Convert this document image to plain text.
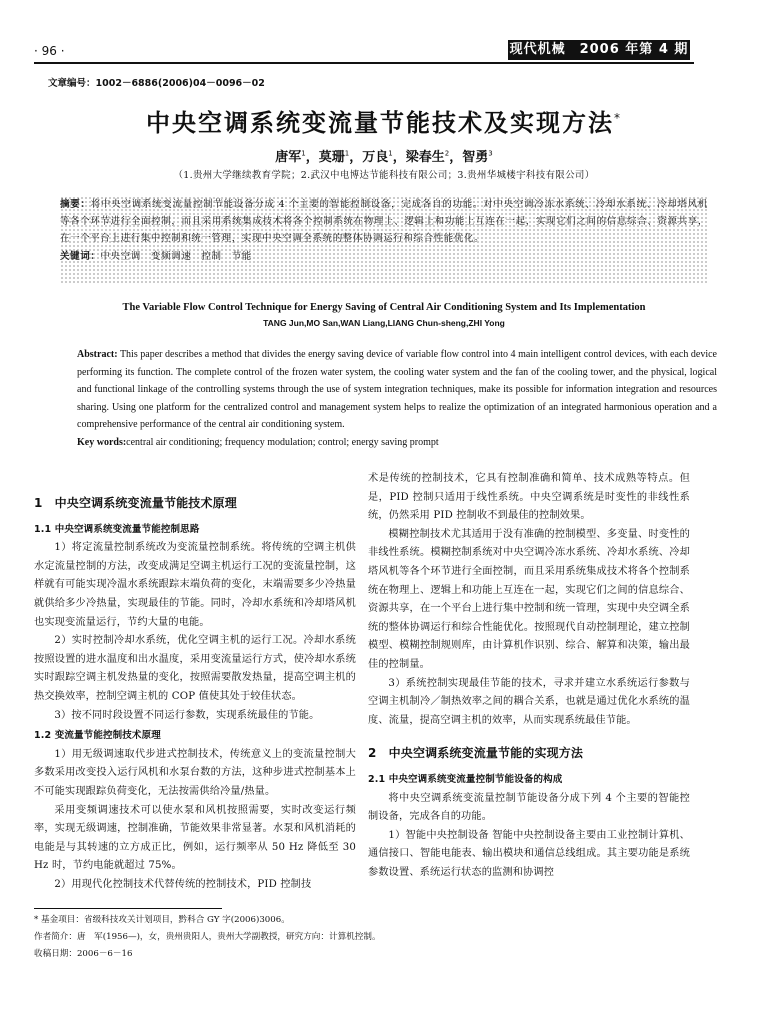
· 96 ·	现代机械　2006 年第 4 期
文章编号：1002－6886(2006)04－0096－02
中央空调系统变流量节能技术及实现方法*
唐军$^1$，莫珊$^1$，万良$^1$，梁春生$^2$，智勇$^3$
（1.贵州大学继续教育学院；2.武汉中电博达节能科技有限公司；3.贵州华城楼宇科技有限公司）

摘要：将中央空调系统变流量控制节能设备分成 4 个主要的智能控制设备，完成各自的功能。对中央空调冷冻水系统、冷却水系统、冷却塔风机等各个环节进行全面控制，而且采用系统集成技术将各个控制系统在物理上、逻辑上和功能上互连在一起，实现它们之间的信息综合、资源共享，在一个平台上进行集中控制和统一管理，实现中央空调全系统的整体协调运行和综合性能优化。

关键词：中央空调　变频调速　控制　节能

The Variable Flow Control Technique for Energy Saving of Central Air Conditioning System and Its Implementation
TANG Jun,MO San,WAN Liang,LIANG Chun-sheng,ZHI Yong

Abstract: This paper describes a method that divides the energy saving device of variable flow control into 4 main intelligent control devices, with each device performing its function. The complete control of the frozen water system, the cooling water system and the fan of the cooling tower, and the physical, logical and functional linkage of the controlling systems through the use of system integration techniques, make its possible for information integration and resources sharing. Using one platform for the centralized control and management system helps to realize the optimization of an integrated harmonious operation and a comprehensive performance of the central air conditioning system.

Key words:central air conditioning; frequency modulation; control; energy saving prompt

1　中央空调系统变流量节能技术原理

1.1 中央空调系统变流量节能控制思路

1）将定流量控制系统改为变流量控制系统。将传统的空调主机供水定流量控制的方法，改变成满足空调主机运行工况的变流量控制，这样就有可能实现冷温水系统跟踪末端负荷的变化，末端需要多少冷热量就供给多少冷热量，实现最佳的节能。同时，冷却水系统和冷却塔风机也实现变流量运行，节约大量的电能。

2）实时控制冷却水系统，优化空调主机的运行工况。冷却水系统按照设置的进水温度和出水温度，采用变流量运行方式，使冷却水系统实时跟踪空调主机发热量的变化，按照需要散发热量，提高空调主机的热交换效率，控制空调主机的 COP 值使其处于较佳状态。

3）按不同时段设置不同运行参数，实现系统最佳的节能。

1.2 变流量节能控制技术原理

1）用无级调速取代步进式控制技术，传统意义上的变流量控制大多数采用改变投入运行风机和水泵台数的方法，这种步进式控制基本上不可能实现跟踪负荷变化，无法按需供给冷量/热量。

采用变频调速技术可以使水泵和风机按照需要，实时改变运行频率，实现无级调速，控制准确，节能效果非常显著。水泵和风机消耗的电能是与其转速的立方成正比，例如，运行频率从 50 Hz 降低至 30 Hz 时，节约电能就超过 75%。

2）用现代化控制技术代替传统的控制技术，PID 控制技

术是传统的控制技术，它具有控制准确和简单、技术成熟等特点。但是，PID 控制只适用于线性系统。中央空调系统是时变性的非线性系统，仍然采用 PID 控制收不到最佳的控制效果。

模糊控制技术尤其适用于没有准确的控制模型、多变量、时变性的非线性系统。模糊控制系统对中央空调冷冻水系统、冷却水系统、冷却塔风机等各个环节进行全面控制，而且采用系统集成技术将各个控制系统在物理上、逻辑上和功能上互连在一起，实现它们之间的信息综合、资源共享，在一个平台上进行集中控制和统一管理，实现中央空调全系统的整体协调运行和综合性能优化。按照现代自动控制理论，建立控制模型、模糊控制规则库，由计算机作识别、综合、解算和决策，输出最佳的控制量。

3）系统控制实现最佳节能的技术，寻求并建立水系统运行参数与空调主机制冷／制热效率之间的耦合关系，也就是通过优化水系统的温度、流量，提高空调主机的效率，从而实现系统最佳节能。

2　中央空调系统变流量节能的实现方法

2.1 中央空调系统变流量控制节能设备的构成

将中央空调系统变流量控制节能设备分成下列 4 个主要的智能控制设备，完成各自的功能。

1）智能中央控制设备 智能中央控制设备主要由工业控制计算机、通信接口、智能电能表、输出模块和通信总线组成。其主要功能是系统参数设置、系统运行状态的监测和协调控

* 基金项目：省级科技攻关计划项目，黔科合 GY 字(2006)3006。

作者简介：唐　军(1956—)，女，贵州贵阳人，贵州大学副教授，研究方向：计算机控制。

收稿日期：2006－6－16
